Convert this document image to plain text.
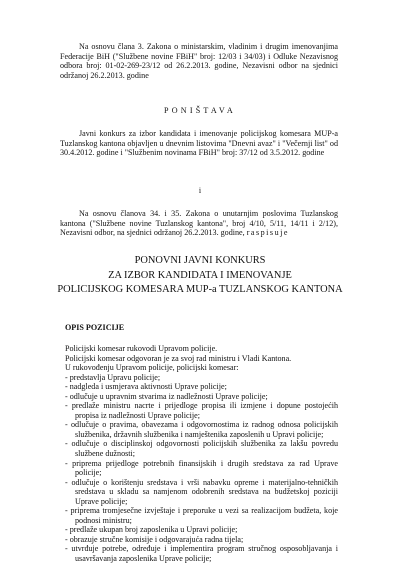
Na osnovu člana 3. Zakona o ministarskim, vladinim i drugim imenovanjima Federacije BiH ("Službene novine FBiH" broj: 12/03 i 34/03) i Odluke Nezavisnog odbora broj: 01-02-269-23/12 od 26.2.2013. godine, Nezavisni odbor na sjednici održanoj 26.2.2013. godine
PONIŠTAVA
Javni konkurs za izbor kandidata i imenovanje policijskog komesara MUP-a Tuzlanskog kantona objavljen u dnevnim listovima "Dnevni avaz" i "Večernji list" od 30.4.2012. godine i "Službenim novinama FBiH" broj: 37/12 od 3.5.2012. godine
i
Na osnovu članova 34. i 35. Zakona o unutarnjim poslovima Tuzlanskog kantona ("Službene novine Tuzlanskog kantona", broj 4/10, 5/11, 14/11 i 2/12), Nezavisni odbor, na sjednici održanoj 26.2.2013. godine, raspisuje
PONOVNI JAVNI KONKURS
ZA IZBOR KANDIDATA I IMENOVANJE
POLICIJSKOG KOMESARA MUP-a TUZLANSKOG KANTONA
OPIS POZICIJE
Policijski komesar rukovodi Upravom policije.
Policijski komesar odgovoran je za svoj rad ministru i Vladi Kantona.
U rukovođenju Upravom policije, policijski komesar:
- predstavlja Upravu policije;
- nadgleda i usmjerava aktivnosti Uprave policije;
- odlučuje u upravnim stvarima iz nadležnosti Uprave policije;
- predlaže ministru nacrte i prijedloge propisa ili izmjene i dopune postojećih propisa iz nadležnosti Uprave policije;
- odlučuje o pravima, obavezama i odgovornostima iz radnog odnosa policijskih službenika, državnih službenika i namještenika zaposlenih u Upravi policije;
- odlučuje o disciplinskoj odgovornosti policijskih službenika za lakšu povredu službene dužnosti;
- priprema prijedloge potrebnih finansijskih i drugih sredstava za rad Uprave policije;
- odlučuje o korištenju sredstava i vrši nabavku opreme i materijalno-tehničkih sredstava u skladu sa namjenom odobrenih sredstava na budžetskoj poziciji Uprave policije;
- priprema tromjesečne izvještaje i preporuke u vezi sa realizacijom budžeta, koje podnosi ministru;
- predlaže ukupan broj zaposlenika u Upravi policije;
- obrazuje stručne komisije i odgovarajuća radna tijela;
- utvrđuje potrebe, određuje i implementira program stručnog osposobljavanja i usavršavanja zaposlenika Uprave policije;
